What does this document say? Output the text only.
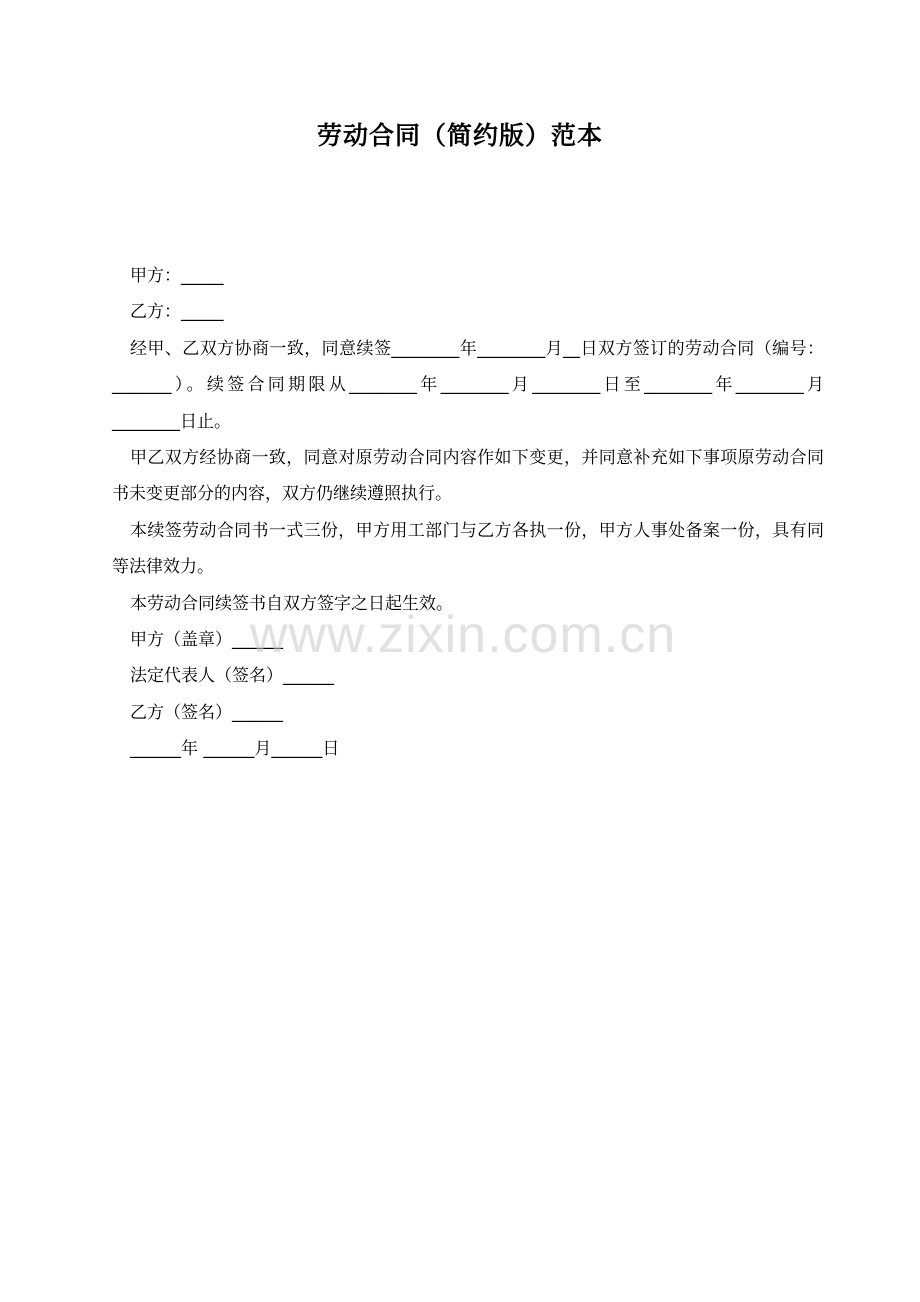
劳动合同（简约版）范本
甲方：_____
乙方：_____
经甲、乙双方协商一致，同意续签________年________月__日双方签订的劳动合同（编号：_______）。续签合同期限从________年________月________日至________年________月________日止。
甲乙双方经协商一致，同意对原劳动合同内容作如下变更，并同意补充如下事项原劳动合同书未变更部分的内容，双方仍继续遵照执行。
本续签劳动合同书一式三份，甲方用工部门与乙方各执一份，甲方人事处备案一份，具有同等法律效力。
本劳动合同续签书自双方签字之日起生效。
甲方（盖章）______
法定代表人（签名）______
乙方（签名）______
______年 ______月______日
www.zixin.com.cn
